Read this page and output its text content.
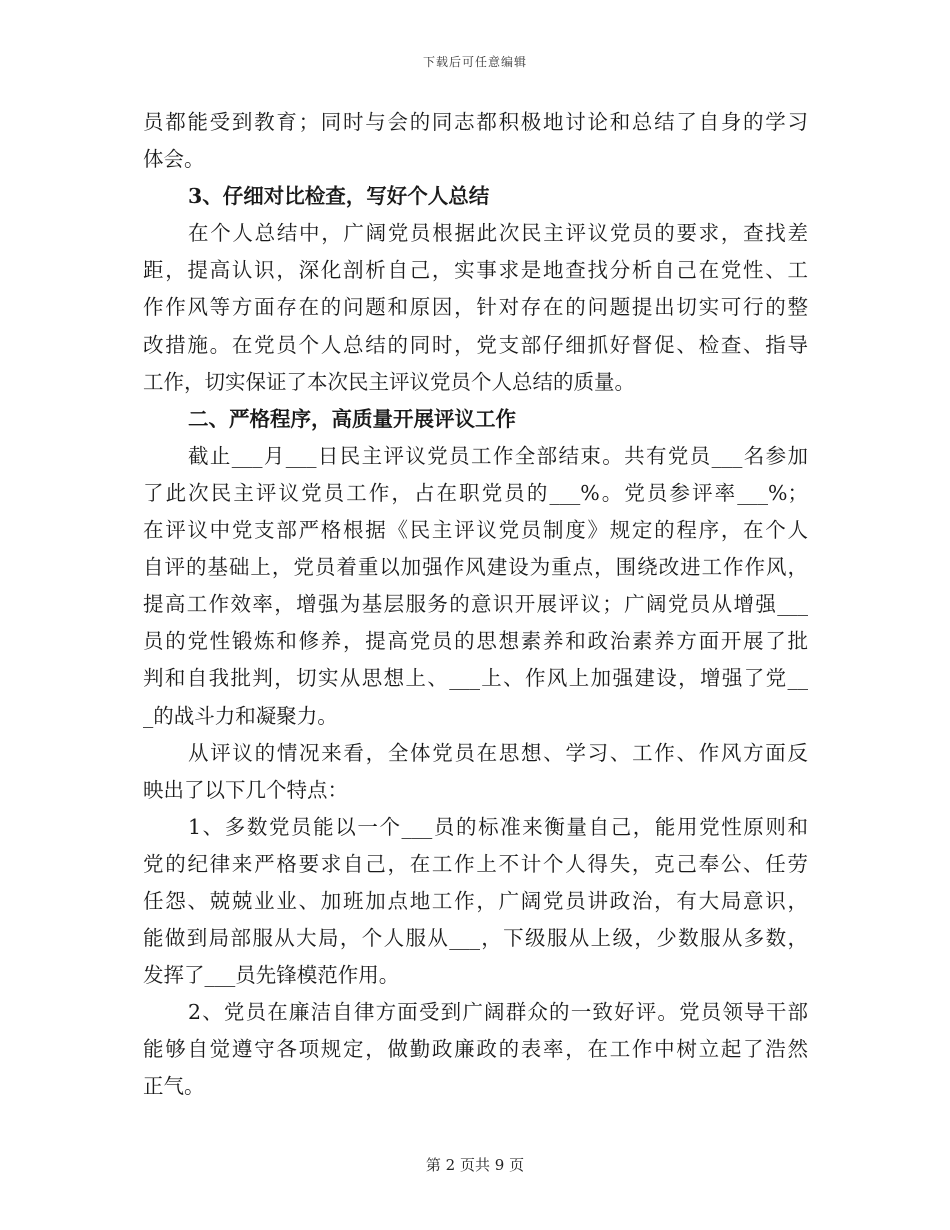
下载后可任意编辑
员都能受到教育；同时与会的同志都积极地讨论和总结了自身的学习
体会。
3、仔细对比检查，写好个人总结
在个人总结中，广阔党员根据此次民主评议党员的要求，查找差
距，提高认识，深化剖析自己，实事求是地查找分析自己在党性、工
作作风等方面存在的问题和原因，针对存在的问题提出切实可行的整
改措施。在党员个人总结的同时，党支部仔细抓好督促、检查、指导
工作，切实保证了本次民主评议党员个人总结的质量。
二、严格程序，高质量开展评议工作
截止___月___日民主评议党员工作全部结束。共有党员___名参加
了此次民主评议党员工作，占在职党员的___%。党员参评率___%；
在评议中党支部严格根据《民主评议党员制度》规定的程序，在个人
自评的基础上，党员着重以加强作风建设为重点，围绕改进工作作风，
提高工作效率，增强为基层服务的意识开展评议；广阔党员从增强___
员的党性锻炼和修养，提高党员的思想素养和政治素养方面开展了批
判和自我批判，切实从思想上、___上、作风上加强建设，增强了党__
_的战斗力和凝聚力。
从评议的情况来看，全体党员在思想、学习、工作、作风方面反
映出了以下几个特点：
1、多数党员能以一个___员的标准来衡量自己，能用党性原则和
党的纪律来严格要求自己，在工作上不计个人得失，克己奉公、任劳
任怨、兢兢业业、加班加点地工作，广阔党员讲政治，有大局意识，
能做到局部服从大局，个人服从___，下级服从上级，少数服从多数，
发挥了___员先锋模范作用。
2、党员在廉洁自律方面受到广阔群众的一致好评。党员领导干部
能够自觉遵守各项规定，做勤政廉政的表率，在工作中树立起了浩然
正气。
第 2 页共 9 页
